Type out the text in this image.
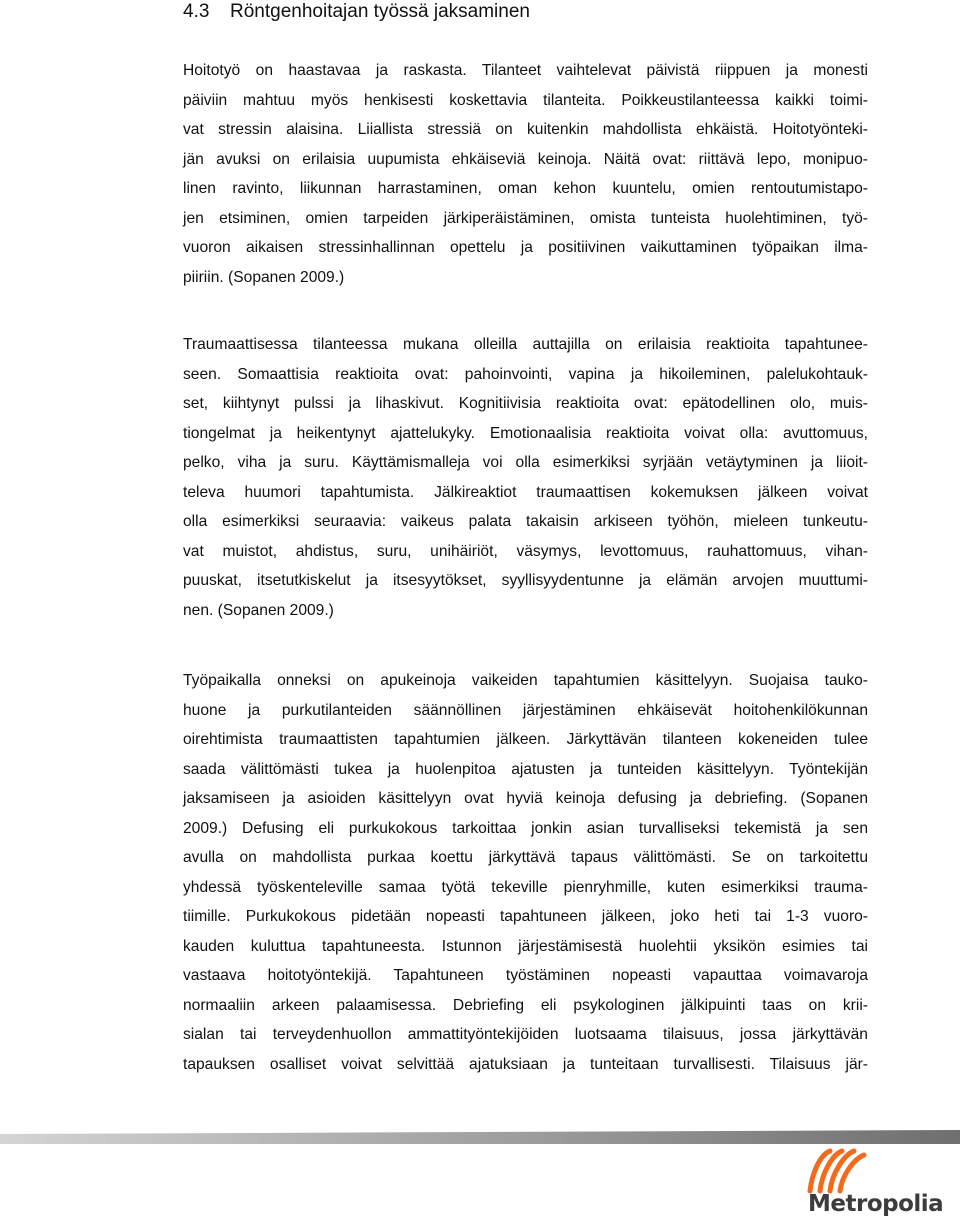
4.3 Röntgenhoitajan työssä jaksaminen
Hoitotyö on haastavaa ja raskasta. Tilanteet vaihtelevat päivistä riippuen ja monesti
päiviin mahtuu myös henkisesti koskettavia tilanteita. Poikkeustilanteessa kaikki toimi-
vat stressin alaisina. Liiallista stressiä on kuitenkin mahdollista ehkäistä. Hoitotyönteki-
jän avuksi on erilaisia uupumista ehkäiseviä keinoja. Näitä ovat: riittävä lepo, monipuo-
linen ravinto, liikunnan harrastaminen, oman kehon kuuntelu, omien rentoutumistapo-
jen etsiminen, omien tarpeiden järkiperäistäminen, omista tunteista huolehtiminen, työ-
vuoron aikaisen stressinhallinnan opettelu ja positiivinen vaikuttaminen työpaikan ilma-
piiriin. (Sopanen 2009.)
Traumaattisessa tilanteessa mukana olleilla auttajilla on erilaisia reaktioita tapahtunee-
seen. Somaattisia reaktioita ovat: pahoinvointi, vapina ja hikoileminen, palelukohtauk-
set, kiihtynyt pulssi ja lihaskivut. Kognitiivisia reaktioita ovat: epätodellinen olo, muis-
tiongelmat ja heikentynyt ajattelukyky. Emotionaalisia reaktioita voivat olla: avuttomuus,
pelko, viha ja suru. Käyttämismalleja voi olla esimerkiksi syrjään vetäytyminen ja liioit-
televa huumori tapahtumista. Jälkireaktiot traumaattisen kokemuksen jälkeen voivat
olla esimerkiksi seuraavia: vaikeus palata takaisin arkiseen työhön, mieleen tunkeutu-
vat muistot, ahdistus, suru, unihäiriöt, väsymys, levottomuus, rauhattomuus, vihan-
puuskat, itsetutkiskelut ja itsesyytökset, syyllisyydentunne ja elämän arvojen muuttumi-
nen. (Sopanen 2009.)
Työpaikalla onneksi on apukeinoja vaikeiden tapahtumien käsittelyyn. Suojaisa tauko-
huone ja purkutilanteiden säännöllinen järjestäminen ehkäisevät hoitohenkilökunnan
oirehtimista traumaattisten tapahtumien jälkeen. Järkyttävän tilanteen kokeneiden tulee
saada välittömästi tukea ja huolenpitoa ajatusten ja tunteiden käsittelyyn. Työntekijän
jaksamiseen ja asioiden käsittelyyn ovat hyviä keinoja defusing ja debriefing. (Sopanen
2009.) Defusing eli purkukokous tarkoittaa jonkin asian turvalliseksi tekemistä ja sen
avulla on mahdollista purkaa koettu järkyttävä tapaus välittömästi. Se on tarkoitettu
yhdessä työskenteleville samaa työtä tekeville pienryhmille, kuten esimerkiksi trauma-
tiimille. Purkukokous pidetään nopeasti tapahtuneen jälkeen, joko heti tai 1-3 vuoro-
kauden kuluttua tapahtuneesta. Istunnon järjestämisestä huolehtii yksikön esimies tai
vastaava hoitotyöntekijä. Tapahtuneen työstäminen nopeasti vapauttaa voimavaroja
normaaliin arkeen palaamisessa. Debriefing eli psykologinen jälkipuinti taas on krii-
sialan tai terveydenhuollon ammattityöntekijöiden luotsaama tilaisuus, jossa järkyttävän
tapauksen osalliset voivat selvittää ajatuksiaan ja tunteitaan turvallisesti. Tilaisuus jär-
Metropolia
